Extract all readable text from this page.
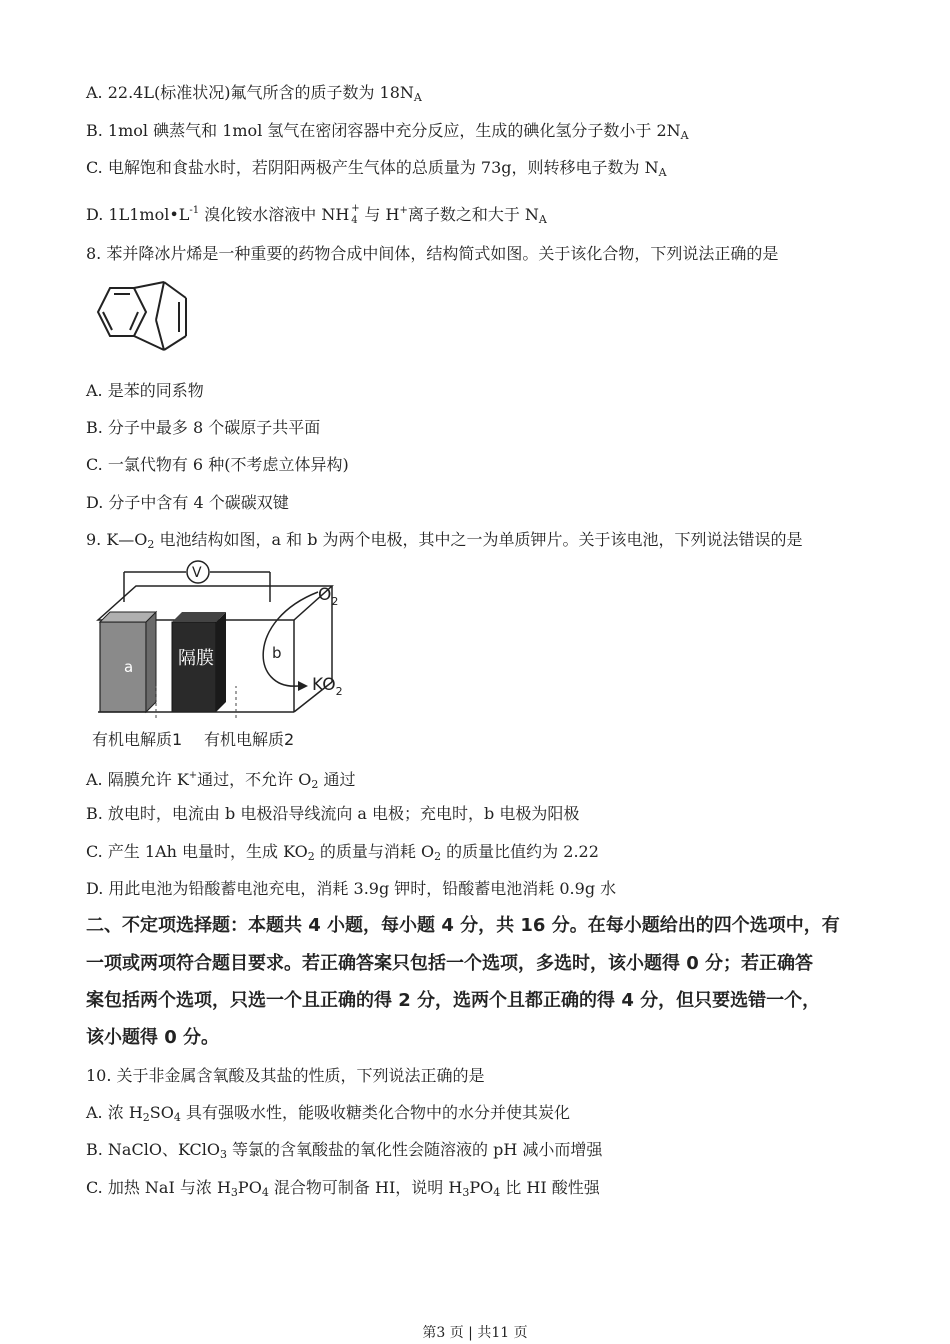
A. 22.4L(标准状况)氟气所含的质子数为 $18N_A$
B. 1mol 碘蒸气和 1mol 氢气在密闭容器中充分反应，生成的碘化氢分子数小于 $2N_A$
C. 电解饱和食盐水时，若阴阳两极产生气体的总质量为 73g，则转移电子数为 $N_A$
D. $1L1mol•L^{-1}$ 溴化铵水溶液中 NH +
4 与 H+离子数之和大于 $N_A$
8. 苯并降冰片烯是一种重要的药物合成中间体，结构简式如图。关于该化合物，下列说法正确的是
A. 是苯的同系物
B. 分子中最多 8 个碳原子共平面
C. 一氯代物有 6 种(不考虑立体异构)
D. 分子中含有 4 个碳碳双键
9. $K—O_2$ 电池结构如图，a 和 b 为两个电极，其中之一为单质钾片。关于该电池，下列说法错误的是
V
a 隔膜	b
$O_2$
$KO_2$
有机电解质1 有机电解质2
A. 隔膜允许 K+通过，不允许 $O_2$ 通过
B. 放电时，电流由 b 电极沿导线流向 a 电极；充电时，b 电极为阳极
C. 产生 1Ah 电量时，生成 $KO_2$ 的质量与消耗 $O_2$ 的质量比值约为 2.22
D. 用此电池为铅酸蓄电池充电，消耗 3.9g 钾时，铅酸蓄电池消耗 0.9g 水
二、不定项选择题：本题共 4 小题，每小题 4 分，共 16 分。在每小题给出的四个选项中，有
一项或两项符合题目要求。若正确答案只包括一个选项，多选时，该小题得 0 分；若正确答
案包括两个选项，只选一个且正确的得 2 分，选两个且都正确的得 4 分，但只要选错一个，
该小题得 0 分。
10. 关于非金属含氧酸及其盐的性质，下列说法正确的是
A. 浓 $H_2SO_4$ 具有强吸水性，能吸收糖类化合物中的水分并使其炭化
B. NaClO、KClO$_3$ 等氯的含氧酸盐的氧化性会随溶液的 pH 减小而增强
C. 加热 NaI 与浓 $H_3PO_4$ 混合物可制备 HI，说明 $H_3PO_4$ 比 HI 酸性强
第3 页 | 共11 页
